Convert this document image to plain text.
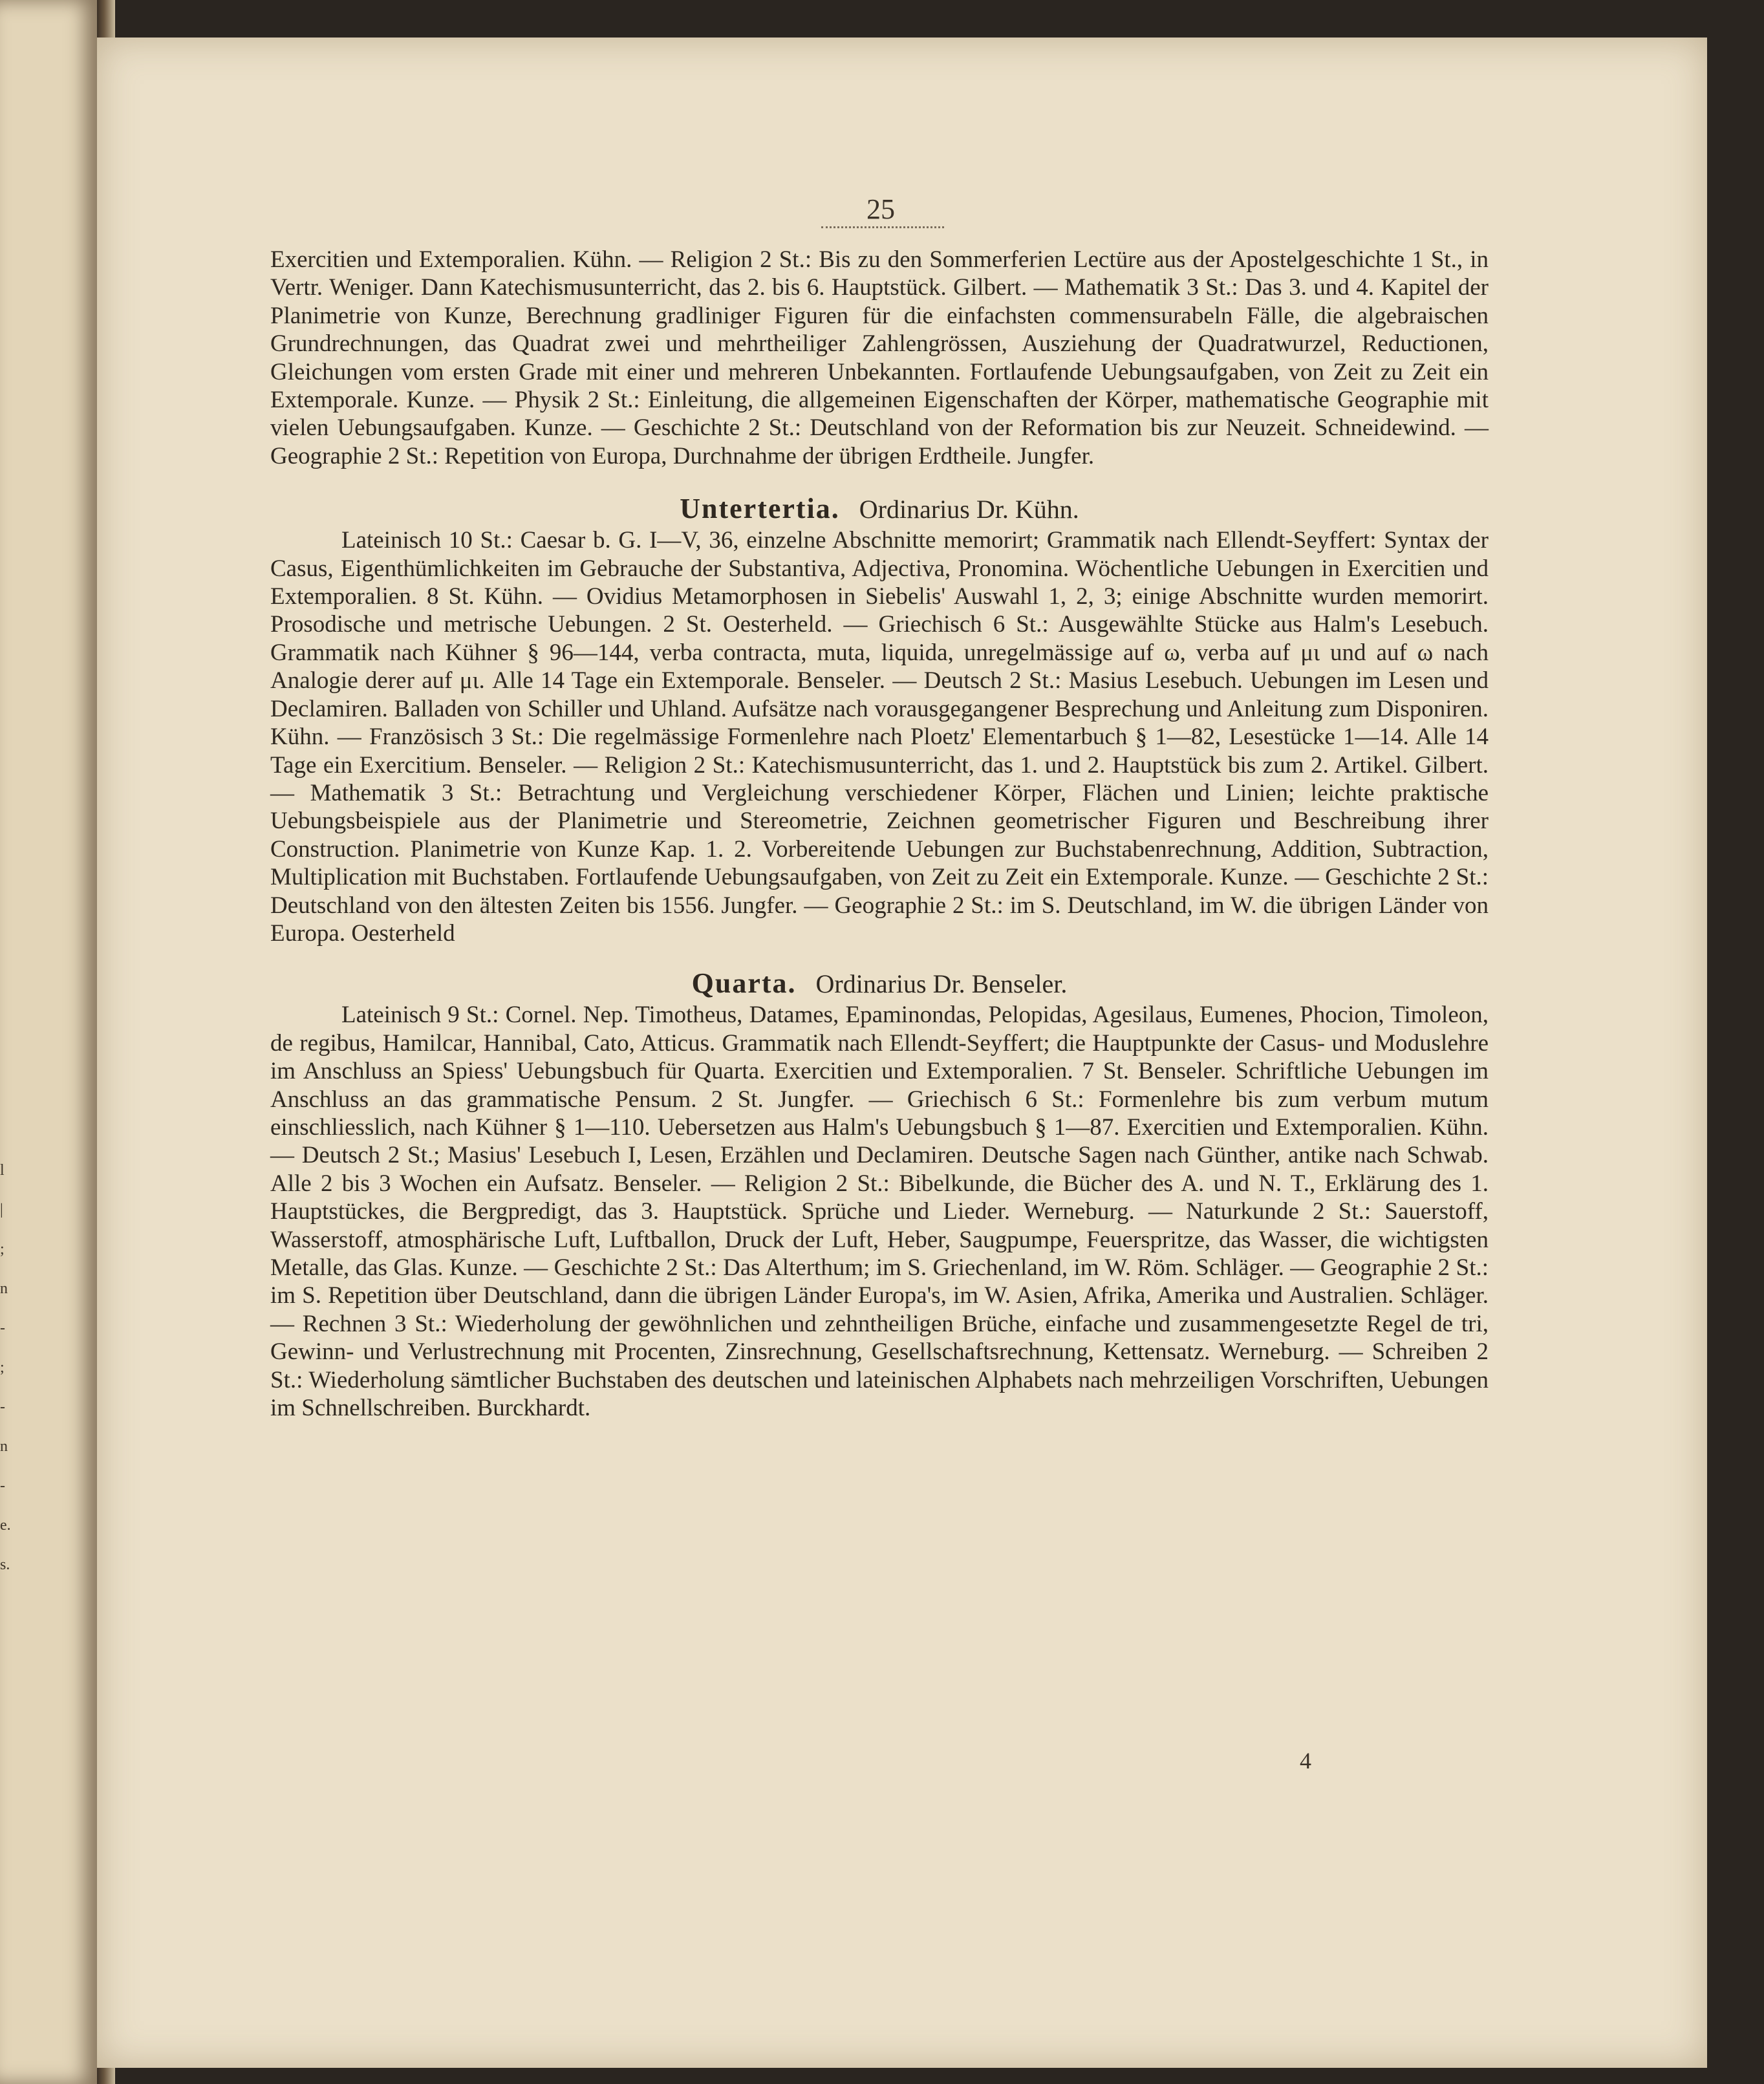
l
|
;
n
-
;
-
n
-
e.
s.
25

Exercitien und Extemporalien. Kühn. — Religion 2 St.: Bis zu den Sommerferien Lectüre aus der Apostelgeschichte 1 St., in Vertr. Weniger. Dann Katechismusunterricht, das 2. bis 6. Hauptstück. Gilbert. — Mathematik 3 St.: Das 3. und 4. Kapitel der Planimetrie von Kunze, Berechnung gradliniger Figuren für die einfachsten commensurabeln Fälle, die algebraischen Grundrechnungen, das Quadrat zwei und mehrtheiliger Zahlengrössen, Ausziehung der Quadratwurzel, Reductionen, Gleichungen vom ersten Grade mit einer und mehreren Unbekannten. Fortlaufende Uebungsaufgaben, von Zeit zu Zeit ein Extemporale. Kunze. — Physik 2 St.: Einleitung, die allgemeinen Eigenschaften der Körper, mathematische Geographie mit vielen Uebungsaufgaben. Kunze. — Geschichte 2 St.: Deutschland von der Reformation bis zur Neuzeit. Schneidewind. — Geographie 2 St.: Repetition von Europa, Durchnahme der übrigen Erdtheile. Jungfer.

Untertertia. Ordinarius Dr. Kühn.

Lateinisch 10 St.: Caesar b. G. I—V, 36, einzelne Abschnitte memorirt; Grammatik nach Ellendt-Seyffert: Syntax der Casus, Eigenthümlichkeiten im Gebrauche der Substantiva, Adjectiva, Pronomina. Wöchentliche Uebungen in Exercitien und Extemporalien. 8 St. Kühn. — Ovidius Metamorphosen in Siebelis' Auswahl 1, 2, 3; einige Abschnitte wurden memorirt. Prosodische und metrische Uebungen. 2 St. Oesterheld. — Griechisch 6 St.: Ausgewählte Stücke aus Halm's Lesebuch. Grammatik nach Kühner § 96—144, verba contracta, muta, liquida, unregelmässige auf ω, verba auf μι und auf ω nach Analogie derer auf μι. Alle 14 Tage ein Extemporale. Benseler. — Deutsch 2 St.: Masius Lesebuch. Uebungen im Lesen und Declamiren. Balladen von Schiller und Uhland. Aufsätze nach vorausgegangener Besprechung und Anleitung zum Disponiren. Kühn. — Französisch 3 St.: Die regelmässige Formenlehre nach Ploetz' Elementarbuch § 1—82, Lesestücke 1—14. Alle 14 Tage ein Exercitium. Benseler. — Religion 2 St.: Katechismusunterricht, das 1. und 2. Hauptstück bis zum 2. Artikel. Gilbert. — Mathematik 3 St.: Betrachtung und Vergleichung verschiedener Körper, Flächen und Linien; leichte praktische Uebungsbeispiele aus der Planimetrie und Stereometrie, Zeichnen geometrischer Figuren und Beschreibung ihrer Construction. Planimetrie von Kunze Kap. 1. 2. Vorbereitende Uebungen zur Buchstabenrechnung, Addition, Subtraction, Multiplication mit Buchstaben. Fortlaufende Uebungsaufgaben, von Zeit zu Zeit ein Extemporale. Kunze. — Geschichte 2 St.: Deutschland von den ältesten Zeiten bis 1556. Jungfer. — Geographie 2 St.: im S. Deutschland, im W. die übrigen Länder von Europa. Oesterheld

Quarta. Ordinarius Dr. Benseler.

Lateinisch 9 St.: Cornel. Nep. Timotheus, Datames, Epaminondas, Pelopidas, Agesilaus, Eumenes, Phocion, Timoleon, de regibus, Hamilcar, Hannibal, Cato, Atticus. Grammatik nach Ellendt-Seyffert; die Hauptpunkte der Casus- und Moduslehre im Anschluss an Spiess' Uebungsbuch für Quarta. Exercitien und Extemporalien. 7 St. Benseler. Schriftliche Uebungen im Anschluss an das grammatische Pensum. 2 St. Jungfer. — Griechisch 6 St.: Formenlehre bis zum verbum mutum einschliesslich, nach Kühner § 1—110. Uebersetzen aus Halm's Uebungsbuch § 1—87. Exercitien und Extemporalien. Kühn. — Deutsch 2 St.; Masius' Lesebuch I, Lesen, Erzählen und Declamiren. Deutsche Sagen nach Günther, antike nach Schwab. Alle 2 bis 3 Wochen ein Aufsatz. Benseler. — Religion 2 St.: Bibelkunde, die Bücher des A. und N. T., Erklärung des 1. Hauptstückes, die Bergpredigt, das 3. Hauptstück. Sprüche und Lieder. Werneburg. — Naturkunde 2 St.: Sauerstoff, Wasserstoff, atmosphärische Luft, Luftballon, Druck der Luft, Heber, Saugpumpe, Feuerspritze, das Wasser, die wichtigsten Metalle, das Glas. Kunze. — Geschichte 2 St.: Das Alterthum; im S. Griechenland, im W. Röm. Schläger. — Geographie 2 St.: im S. Repetition über Deutschland, dann die übrigen Länder Europa's, im W. Asien, Afrika, Amerika und Australien. Schläger. — Rechnen 3 St.: Wiederholung der gewöhnlichen und zehntheiligen Brüche, einfache und zusammengesetzte Regel de tri, Gewinn- und Verlustrechnung mit Procenten, Zinsrechnung, Gesellschaftsrechnung, Kettensatz. Werneburg. — Schreiben 2 St.: Wiederholung sämtlicher Buchstaben des deutschen und lateinischen Alphabets nach mehrzeiligen Vorschriften, Uebungen im Schnellschreiben. Burckhardt.

4
